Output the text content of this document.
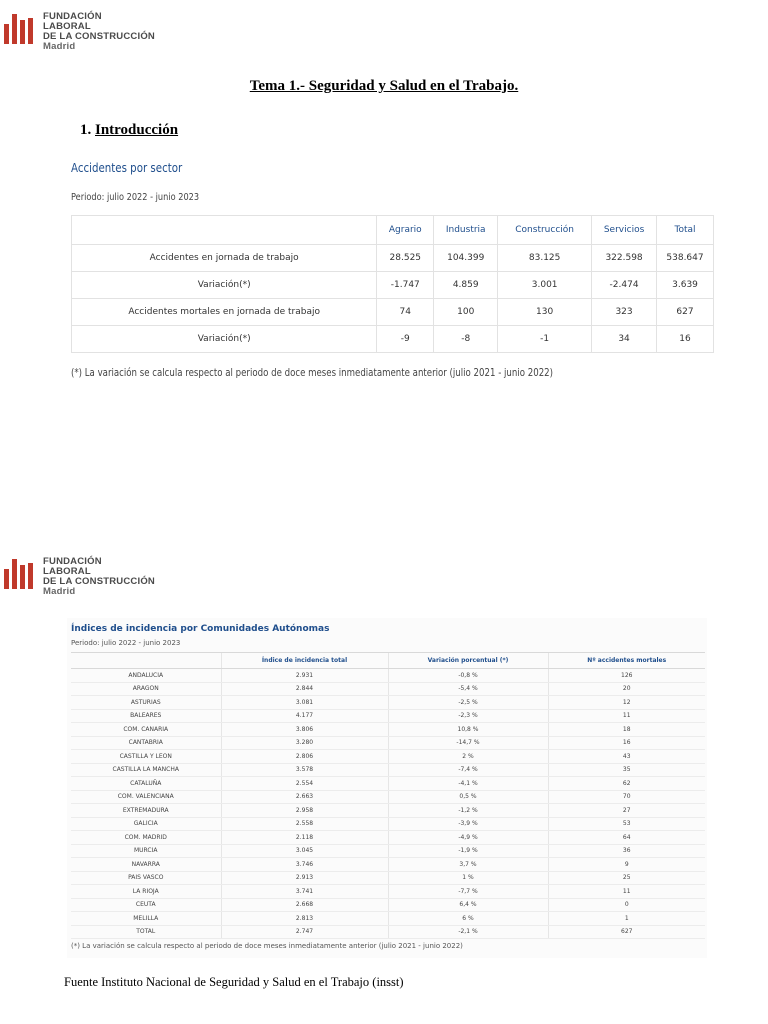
FUNDACIÓN
LABORAL
DE LA CONSTRUCCIÓN
Madrid
Tema 1.- Seguridad y Salud en el Trabajo.
1. Introducción
Accidentes por sector
Periodo: julio 2022 - junio 2023
	Agrario	Industria	Construcción	Servicios	Total
Accidentes en jornada de trabajo	28.525	104.399	83.125	322.598	538.647
Variación(*)	-1.747	4.859	3.001	-2.474	3.639
Accidentes mortales en jornada de trabajo	74	100	130	323	627
Variación(*)	-9	-8	-1	34	16
(*) La variación se calcula respecto al periodo de doce meses inmediatamente anterior (julio 2021 - junio 2022)
FUNDACIÓN
LABORAL
DE LA CONSTRUCCIÓN
Madrid
Índices de incidencia por Comunidades Autónomas
Periodo: julio 2022 - junio 2023
	Índice de incidencia total	Variación porcentual (*)	Nº accidentes mortales
ANDALUCIA	2.931	-0,8 %	126
ARAGON	2.844	-5,4 %	20
ASTURIAS	3.081	-2,5 %	12
BALEARES	4.177	-2,3 %	11
COM. CANARIA	3.806	10,8 %	18
CANTABRIA	3.280	-14,7 %	16
CASTILLA Y LEON	2.806	2 %	43
CASTILLA LA MANCHA	3.578	-7,4 %	35
CATALUÑA	2.554	-4,1 %	62
COM. VALENCIANA	2.663	0,5 %	70
EXTREMADURA	2.958	-1,2 %	27
GALICIA	2.558	-3,9 %	53
COM. MADRID	2.118	-4,9 %	64
MURCIA	3.045	-1,9 %	36
NAVARRA	3.746	3,7 %	9
PAIS VASCO	2.913	1 %	25
LA RIOJA	3.741	-7,7 %	11
CEUTA	2.668	6,4 %	0
MELILLA	2.813	6 %	1
TOTAL	2.747	-2,1 %	627
(*) La variación se calcula respecto al periodo de doce meses inmediatamente anterior (julio 2021 - junio 2022)
Fuente Instituto Nacional de Seguridad y Salud en el Trabajo (insst)
